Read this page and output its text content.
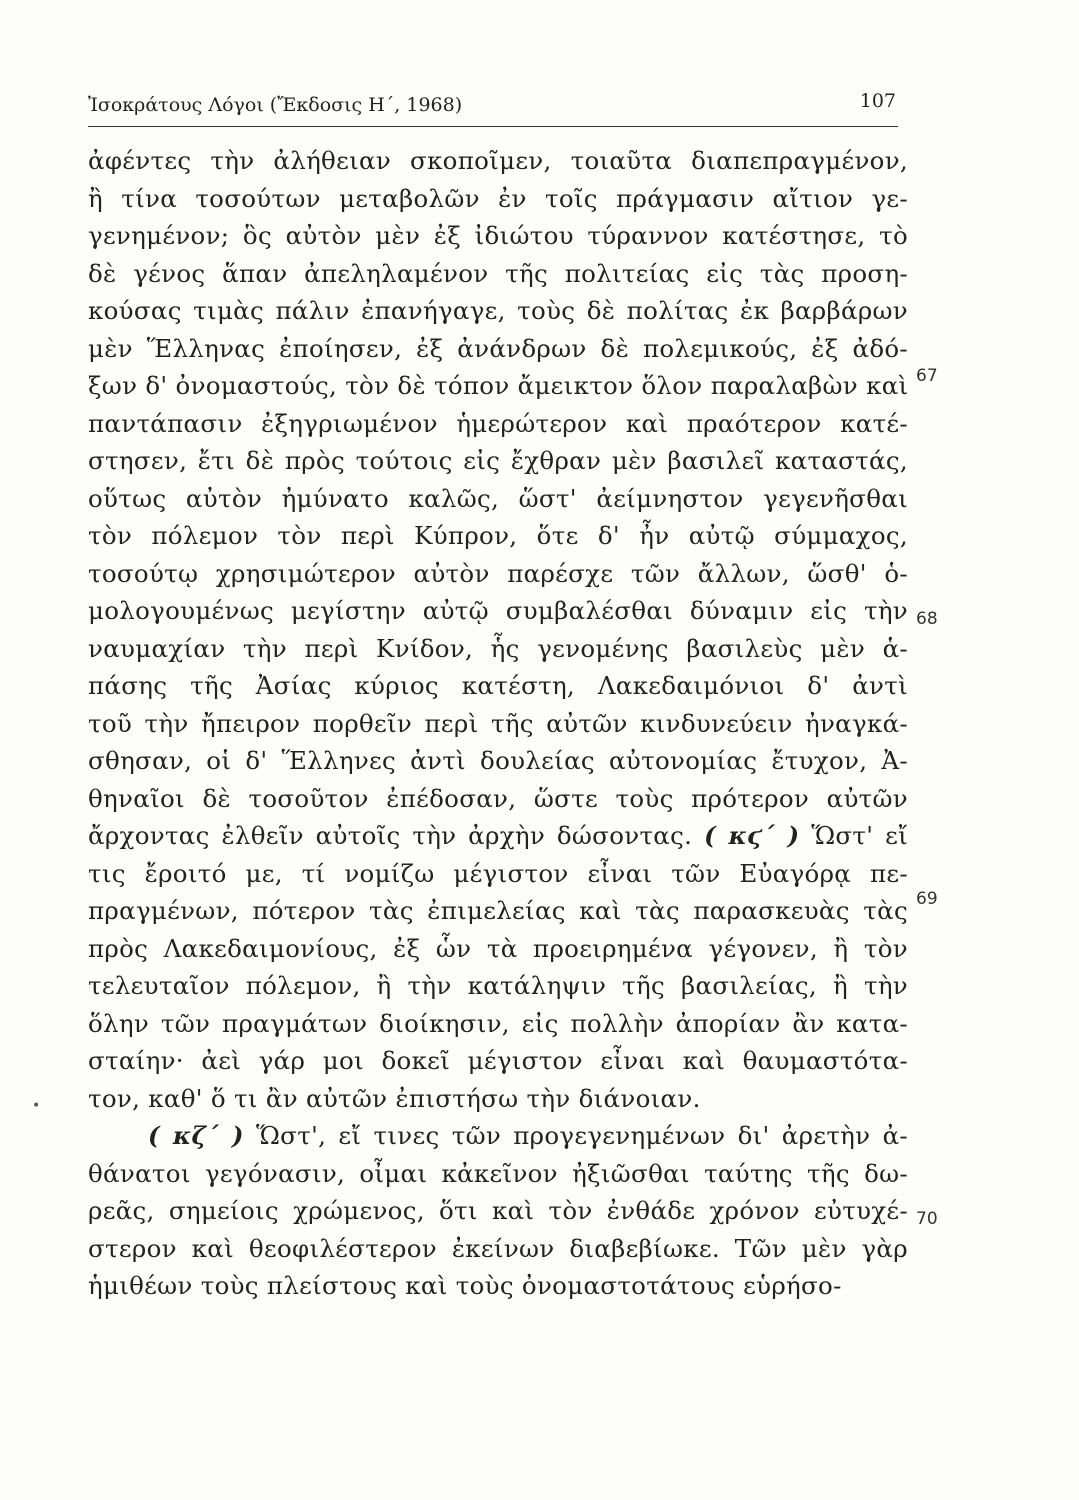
Ἰσοκράτους Λόγοι (Ἔκδοσις Η΄, 1968)	107
ἀφέντες τὴν ἀλήθειαν σκοποῖμεν, τοιαῦτα διαπεπραγμένον,
ἢ τίνα τοσούτων μεταβολῶν ἐν τοῖς πράγμασιν αἴτιον γε-
γενημένον; ὃς αὐτὸν μὲν ἐξ ἰδιώτου τύραννον κατέστησε, τὸ
δὲ γένος ἅπαν ἀπεληλαμένον τῆς πολιτείας εἰς τὰς προση-
κούσας τιμὰς πάλιν ἐπανήγαγε, τοὺς δὲ πολίτας ἐκ βαρβάρων
μὲν Ἕλληνας ἐποίησεν, ἐξ ἀνάνδρων δὲ πολεμικούς, ἐξ ἀδό-
ξων δ' ὀνομαστούς, τὸν δὲ τόπον ἄμεικτον ὅλον παραλαβὼν καὶ
παντάπασιν ἐξηγριωμένον ἡμερώτερον καὶ πραότερον κατέ-
στησεν, ἔτι δὲ πρὸς τούτοις εἰς ἔχθραν μὲν βασιλεῖ καταστάς,
οὕτως αὐτὸν ἠμύνατο καλῶς, ὥστ' ἀείμνηστον γεγενῆσθαι
τὸν πόλεμον τὸν περὶ Κύπρον, ὅτε δ' ἦν αὐτῷ σύμμαχος,
τοσούτῳ χρησιμώτερον αὐτὸν παρέσχε τῶν ἄλλων, ὥσθ' ὁ-
μολογουμένως μεγίστην αὐτῷ συμβαλέσθαι δύναμιν εἰς τὴν
ναυμαχίαν τὴν περὶ Κνίδον, ἧς γενομένης βασιλεὺς μὲν ἁ-
πάσης τῆς Ἀσίας κύριος κατέστη, Λακεδαιμόνιοι δ' ἀντὶ
τοῦ τὴν ἤπειρον πορθεῖν περὶ τῆς αὐτῶν κινδυνεύειν ἠναγκά-
σθησαν, οἱ δ' Ἕλληνες ἀντὶ δουλείας αὐτονομίας ἔτυχον, Ἀ-
θηναῖοι δὲ τοσοῦτον ἐπέδοσαν, ὥστε τοὺς πρότερον αὐτῶν
ἄρχοντας ἐλθεῖν αὐτοῖς τὴν ἀρχὴν δώσοντας. ( κϛ΄ ) Ὥστ' εἴ
τις ἔροιτό με, τί νομίζω μέγιστον εἶναι τῶν Εὐαγόρᾳ πε-
πραγμένων, πότερον τὰς ἐπιμελείας καὶ τὰς παρασκευὰς τὰς
πρὸς Λακεδαιμονίους, ἐξ ὧν τὰ προειρημένα γέγονεν, ἢ τὸν
τελευταῖον πόλεμον, ἢ τὴν κατάληψιν τῆς βασιλείας, ἢ τὴν
ὅλην τῶν πραγμάτων διοίκησιν, εἰς πολλὴν ἀπορίαν ἂν κατα-
σταίην· ἀεὶ γάρ μοι δοκεῖ μέγιστον εἶναι καὶ θαυμαστότα-
τον, καθ' ὅ τι ἂν αὐτῶν ἐπιστήσω τὴν διάνοιαν.
( κζ΄ ) Ὥστ', εἴ τινες τῶν προγεγενημένων δι' ἀρετὴν ἀ-
θάνατοι γεγόνασιν, οἶμαι κἀκεῖνον ἠξιῶσθαι ταύτης τῆς δω-
ρεᾶς, σημείοις χρώμενος, ὅτι καὶ τὸν ἐνθάδε χρόνον εὐτυχέ-
στερον καὶ θεοφιλέστερον ἐκείνων διαβεβίωκε. Τῶν μὲν γὰρ
ἡμιθέων τοὺς πλείστους καὶ τοὺς ὀνομαστοτάτους εὑρήσο-
67
68
69
70
•
